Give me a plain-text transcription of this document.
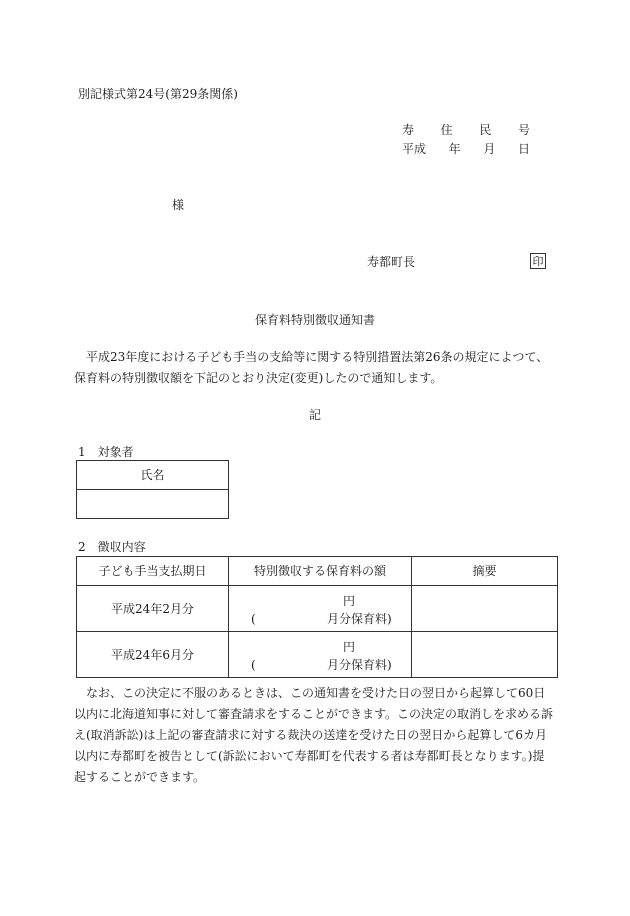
別記様式第24号(第29条関係)
寿 住 民 号
平成 年 月 日
様
寿都町長	印
保育料特別徴収通知書
平成23年度における子ども手当の支給等に関する特別措置法第26条の規定によつて、保育料の特別徴収額を下記のとおり決定(変更)したので通知します。
記
1　対象者
氏名

2　徴収内容
子ども手当支払期日	特別徴収する保育料の額	摘要
平成24年2月分	円
( 月分保育料)	

平成24年6月分	円
( 月分保育料)	

なお、この決定に不服のあるときは、この通知書を受けた日の翌日から起算して60日以内に北海道知事に対して審査請求をすることができます。この決定の取消しを求める訴え(取消訴訟)は上記の審査請求に対する裁決の送達を受けた日の翌日から起算して6カ月以内に寿都町を被告として(訴訟において寿都町を代表する者は寿都町長となります。)提起することができます。
